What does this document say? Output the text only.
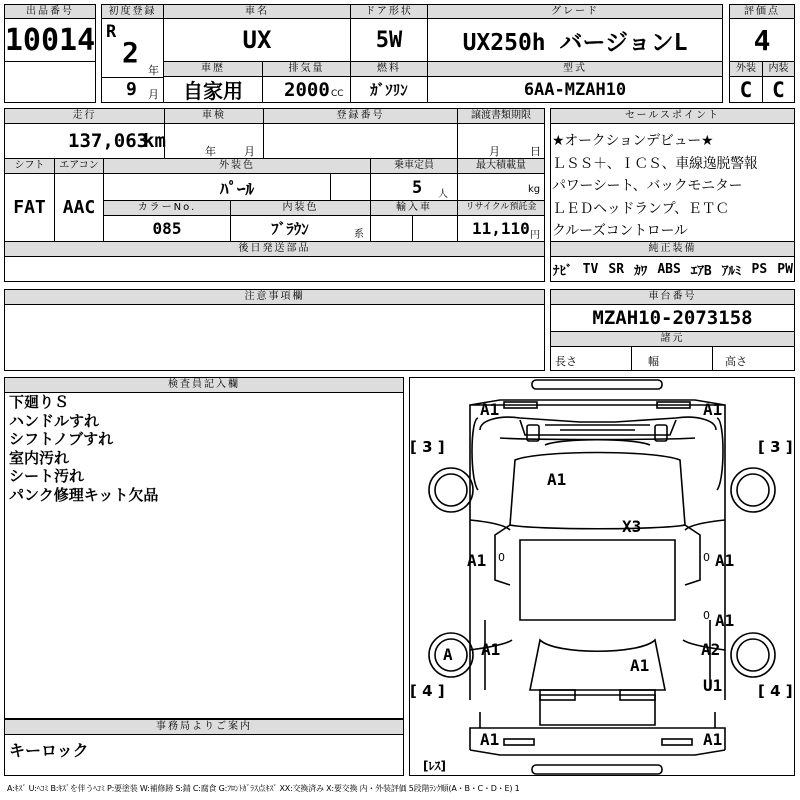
出品番号
10014
初度登録
R
2
年
9 月
車名
UX
ドア形状
5W
グレード
UX250h バージョンL
評価点
4
車歴
自家用
排気量
2000 CC
燃料
ｶﾞｿﾘﾝ
型式
6AA-MZAH10
外装	内装
C C
走行
137,063
km
車検
年	月
登録番号	譲渡書類期限
月	日
シフト
FAT
エアコン
AAC
外装色
ﾊﾟｰﾙ
乗車定員
5 人
最大積載量
kg
カラーNo.
085
内装色
ﾌﾞﾗｳﾝ	系
輸入車	リサイクル預託金
11,110 円
後日発送部品
セールスポイント
★オークションデビュー★
ＬＳＳ＋、ＩＣＳ、車線逸脱警報
パワーシート、バックモニター
ＬＥＤヘッドランプ、ＥＴＣ
クルーズコントロール
純正装備
ﾅﾋﾞ TV SR ｶﾜ ABS ｴｱB ｱﾙﾐ PS PW
注意事項欄	車台番号
MZAH10-2073158
諸元
長さ	幅	高さ
検査員記入欄
下廻りＳ
ハンドルすれ
シフトノブすれ
室内汚れ
シート汚れ
パンク修理キット欠品
事務局よりご案内
キーロック
[ 3 ]	[ 3 ]
[ 4 ]	[ 4 ]
[ﾚｽ]
A1	A1
A1
X3
A1 0	A1
0
A1
0
A1
A
A1
A2
U1
A1	A1
A:ｷｽﾞ U:ﾍｺﾐ B:ｷｽﾞを伴うﾍｺﾐ P:要塗装 W:補修跡 S:錆 C:腐食 G:ﾌﾛﾝﾄｶﾞﾗｽ点ｷｽﾞ XX:交換済み X:要交換 内・外装評価 5段階ﾗﾝｸ順(A・B・C・D・E) 1
